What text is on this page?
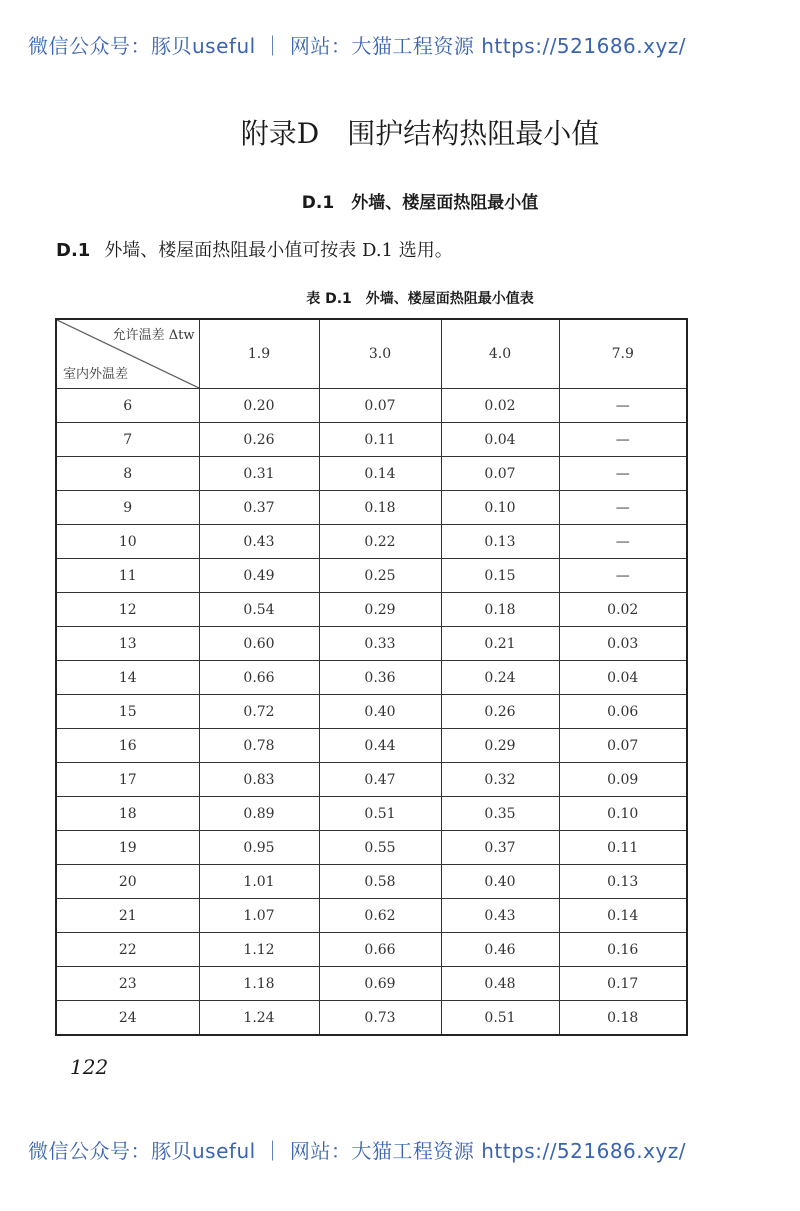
微信公众号：豚贝useful ｜ 网站：大猫工程资源 https://521686.xyz/
附录D　围护结构热阻最小值
D.1　外墙、楼屋面热阻最小值
D.1 外墙、楼屋面热阻最小值可按表 D.1 选用。
表 D.1　外墙、楼屋面热阻最小值表
允许温差 Δtw
室内外温差	1.9	3.0	4.0	7.9
6	0.20	0.07	0.02	—
7	0.26	0.11	0.04	—
8	0.31	0.14	0.07	—
9	0.37	0.18	0.10	—
10	0.43	0.22	0.13	—
11	0.49	0.25	0.15	—
12	0.54	0.29	0.18	0.02
13	0.60	0.33	0.21	0.03
14	0.66	0.36	0.24	0.04
15	0.72	0.40	0.26	0.06
16	0.78	0.44	0.29	0.07
17	0.83	0.47	0.32	0.09
18	0.89	0.51	0.35	0.10
19	0.95	0.55	0.37	0.11
20	1.01	0.58	0.40	0.13
21	1.07	0.62	0.43	0.14
22	1.12	0.66	0.46	0.16
23	1.18	0.69	0.48	0.17
24	1.24	0.73	0.51	0.18
122
微信公众号：豚贝useful ｜ 网站：大猫工程资源 https://521686.xyz/
